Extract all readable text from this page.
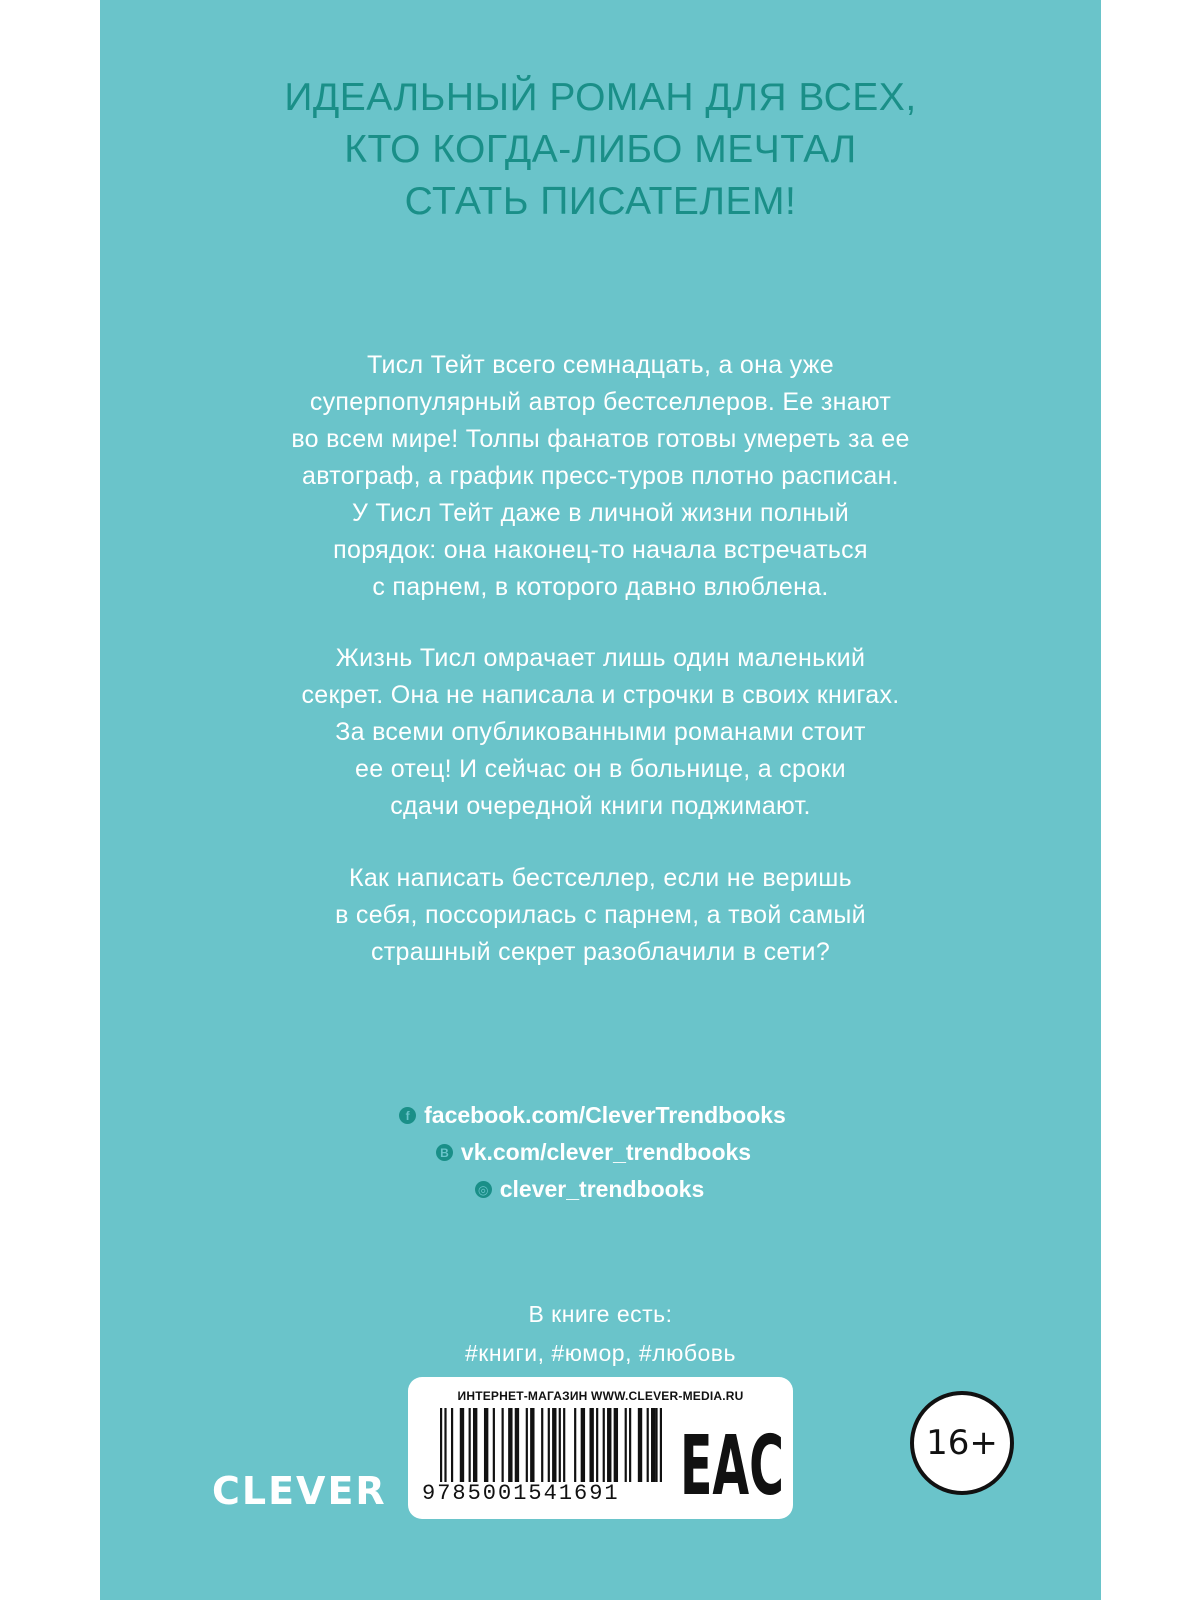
ИДЕАЛЬНЫЙ РОМАН ДЛЯ ВСЕХ,
КТО КОГДА-ЛИБО МЕЧТАЛ
СТАТЬ ПИСАТЕЛЕМ!
Тисл Тейт всего семнадцать, а она уже
суперпопулярный автор бестселлеров. Ее знают
во всем мире! Толпы фанатов готовы умереть за ее
автограф, а график пресс-туров плотно расписан.
У Тисл Тейт даже в личной жизни полный
порядок: она наконец-то начала встречаться
с парнем, в которого давно влюблена.
Жизнь Тисл омрачает лишь один маленький
секрет. Она не написала и строчки в своих книгах.
За всеми опубликованными романами стоит
ее отец! И сейчас он в больнице, а сроки
сдачи очередной книги поджимают.
Как написать бестселлер, если не веришь
в себя, поссорилась с парнем, а твой самый
страшный секрет разоблачили в сети?
f facebook.com/CleverTrendbooks
B vk.com/clever_trendbooks
◎ clever_trendbooks
В книге есть:
#книги, #юмор, #любовь
ИНТЕРНЕТ-МАГАЗИН WWW.CLEVER-MEDIA.RU
9785001541691 EAC	16+
CLEVER
